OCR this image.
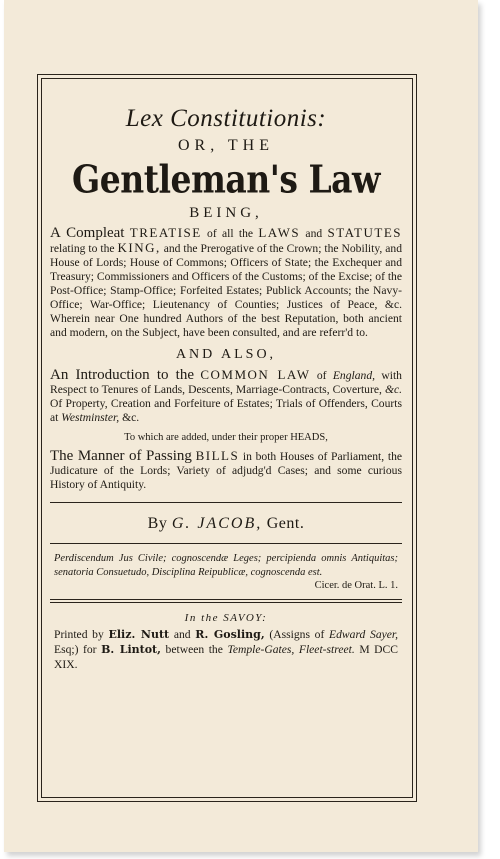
Lex Constitutionis:
OR, THE
Gentleman's Law
BEING,
A Compleat TREATISE of all the LAWS and STATUTES relating to the KING, and the Prerogative of the Crown; the Nobility, and House of Lords; House of Commons; Officers of State; the Exchequer and Treasury; Commissioners and Officers of the Customs; of the Excise; of the Post-Office; Stamp-Office; Forfeited Estates; Publick Accounts; the Navy-Office; War-Office; Lieutenancy of Counties; Justices of Peace, &c. Wherein near One hundred Authors of the best Reputation, both ancient and modern, on the Subject, have been consulted, and are referr'd to.
AND ALSO,
An Introduction to the COMMON LAW of England, with Respect to Tenures of Lands, Descents, Marriage-Contracts, Coverture, &c. Of Property, Creation and Forfeiture of Estates; Trials of Offenders, Courts at Westminster, &c.
To which are added, under their proper HEADS,
The Manner of Passing BILLS in both Houses of Parliament, the Judicature of the Lords; Variety of adjudg'd Cases; and some curious History of Antiquity.
By G. JACOB, Gent.
Perdiscendum Jus Civile; cognoscendæ Leges; percipienda omnis Antiquitas; senatoria Consuetudo, Disciplina Reipublicæ, cognoscenda est.
Cicer. de Orat. L. 1.
In the SAVOY:
Printed by Eliz. Nutt and R. Gosling, (Assigns of Edward Sayer, Esq;) for B. Lintot, between the Temple-Gates, Fleet-street. M DCC XIX.
